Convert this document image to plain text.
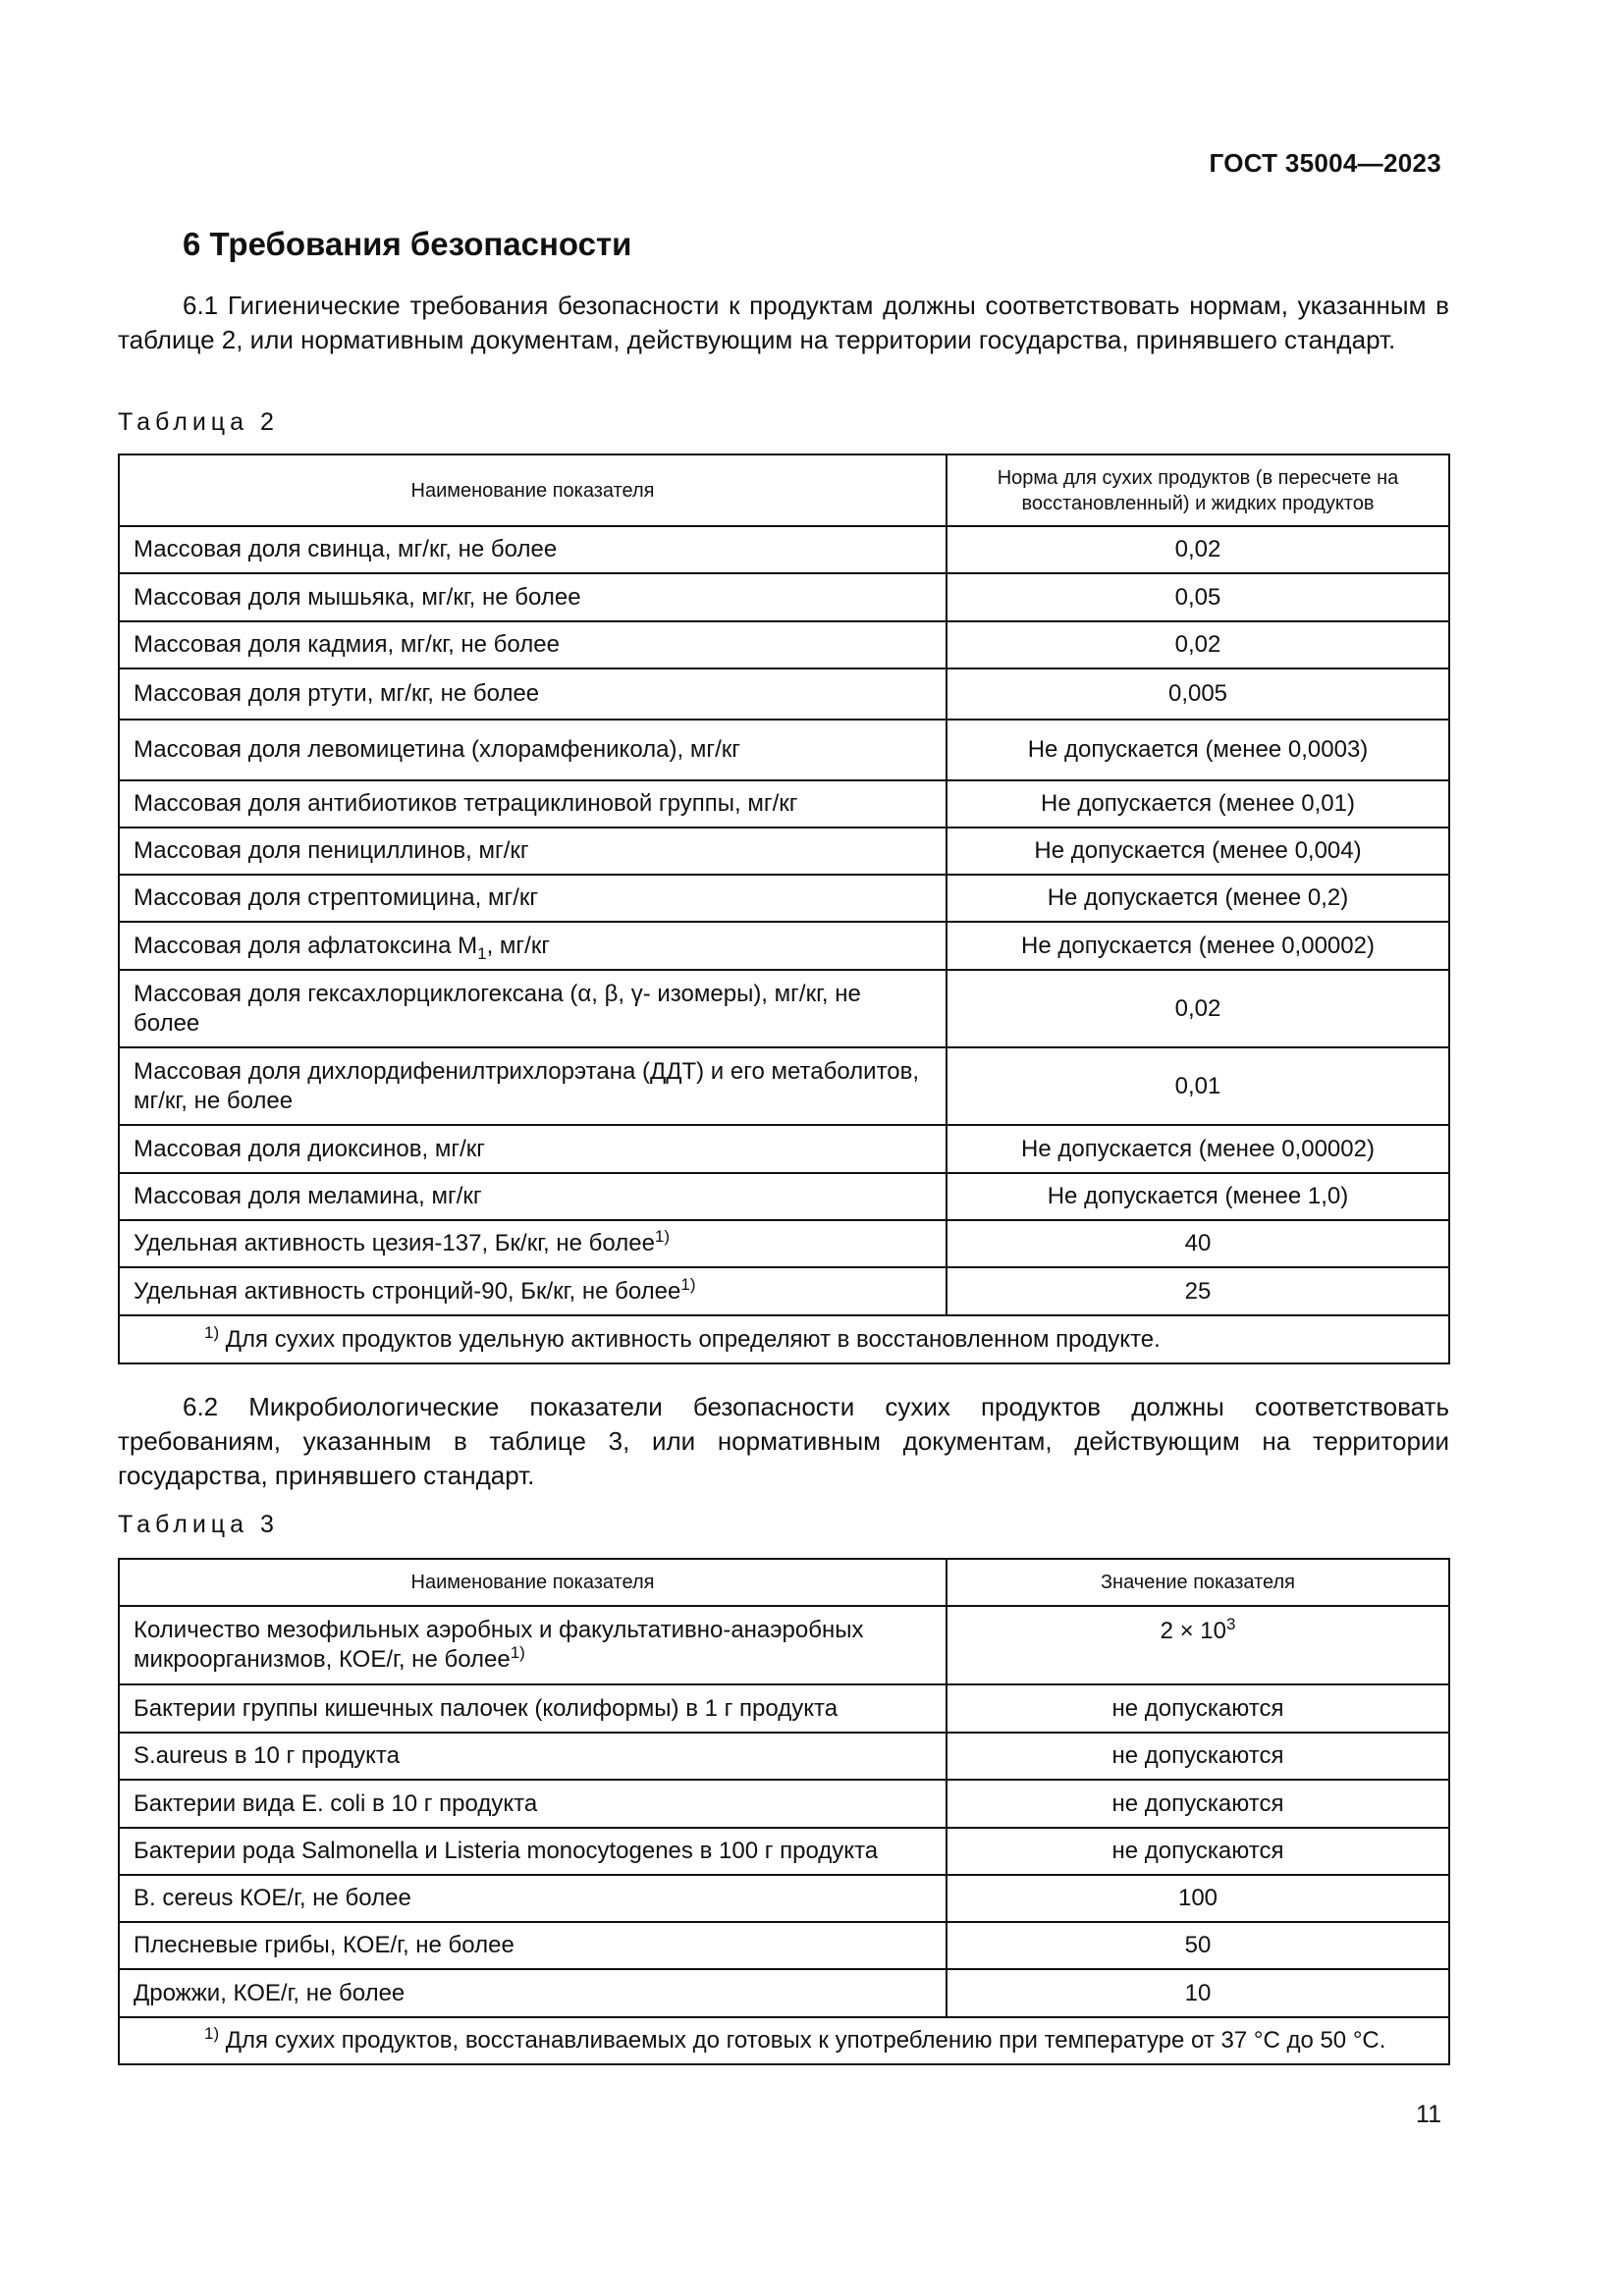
ГОСТ 35004—2023
6 Требования безопасности

6.1 Гигиенические требования безопасности к продуктам должны соответствовать нормам, указанным в таблице 2, или нормативным документам, действующим на территории государства, принявшего стандарт.

Таблица 2
Наименование показателя	Норма для сухих продуктов (в пересчете на восстановленный) и жидких продуктов
Массовая доля свинца, мг/кг, не более	0,02
Массовая доля мышьяка, мг/кг, не более	0,05
Массовая доля кадмия, мг/кг, не более	0,02
Массовая доля ртути, мг/кг, не более	0,005
Массовая доля левомицетина (хлорамфеникола), мг/кг	Не допускается (менее 0,0003)
Массовая доля антибиотиков тетрациклиновой группы, мг/кг	Не допускается (менее 0,01)
Массовая доля пенициллинов, мг/кг	Не допускается (менее 0,004)
Массовая доля стрептомицина, мг/кг	Не допускается (менее 0,2)
Массовая доля афлатоксина $М_1$, мг/кг	Не допускается (менее 0,00002)
Массовая доля гексахлорциклогексана (α, β, γ- изомеры), мг/кг, не более	0,02
Массовая доля дихлордифенилтрихлорэтана (ДДТ) и его метаболитов, мг/кг, не более	0,01
Массовая доля диоксинов, мг/кг	Не допускается (менее 0,00002)
Массовая доля меламина, мг/кг	Не допускается (менее 1,0)
Удельная активность цезия-137, Бк/кг, не более$^{1)}$	40
Удельная активность стронций-90, Бк/кг, не более$^{1)}$	25
$^{1)}$ Для сухих продуктов удельную активность определяют в восстановленном продукте.	

6.2 Микробиологические показатели безопасности сухих продуктов должны соответствовать требованиям, указанным в таблице 3, или нормативным документам, действующим на территории государства, принявшего стандарт.

Таблица 3
Наименование показателя	Значение показателя
Количество мезофильных аэробных и факультативно-анаэробных микроорганизмов, КОЕ/г, не более$^{1)}$	$2 \times 10^3$
Бактерии группы кишечных палочек (колиформы) в 1 г продукта	не допускаются
S.aureus в 10 г продукта	не допускаются
Бактерии вида E. coli в 10 г продукта	не допускаются
Бактерии рода Salmonella и Listeria monocytogenes в 100 г продукта	не допускаются
B. cereus КОЕ/г, не более	100
Плесневые грибы, КОЕ/г, не более	50
Дрожжи, КОЕ/г, не более	10
$^{1)}$ Для сухих продуктов, восстанавливаемых до готовых к употреблению при температуре от 37 °C до 50 °C.	
11
